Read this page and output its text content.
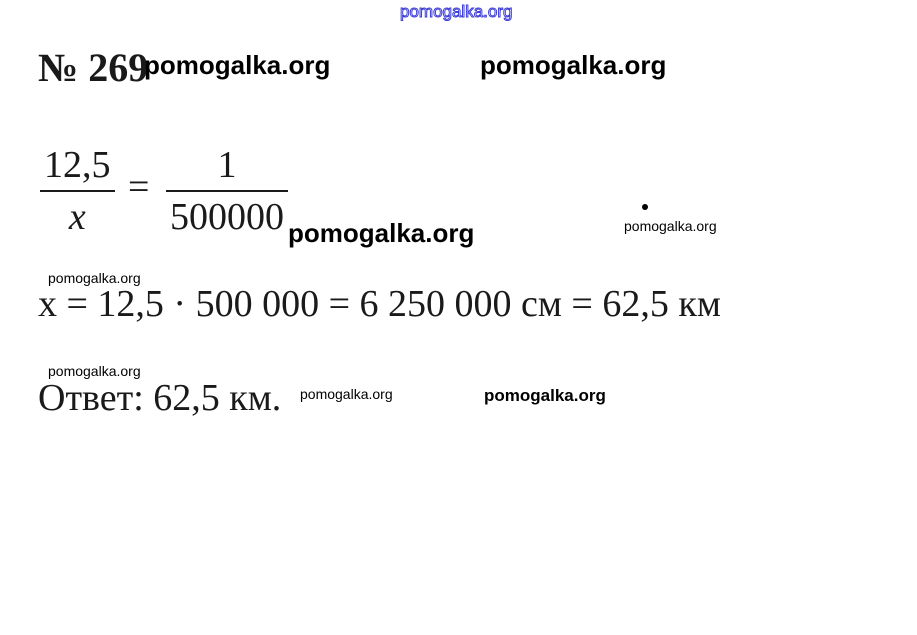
pomogalka.org
№ 269
pomogalka.org	pomogalka.org
12,5
x
=
1
500000 pomogalka.org	pomogalka.org
pomogalka.org
x = 12,5 · 500 000 = 6 250 000 см = 62,5 км
pomogalka.org
Ответ: 62,5 км. pomogalka.org	pomogalka.org
